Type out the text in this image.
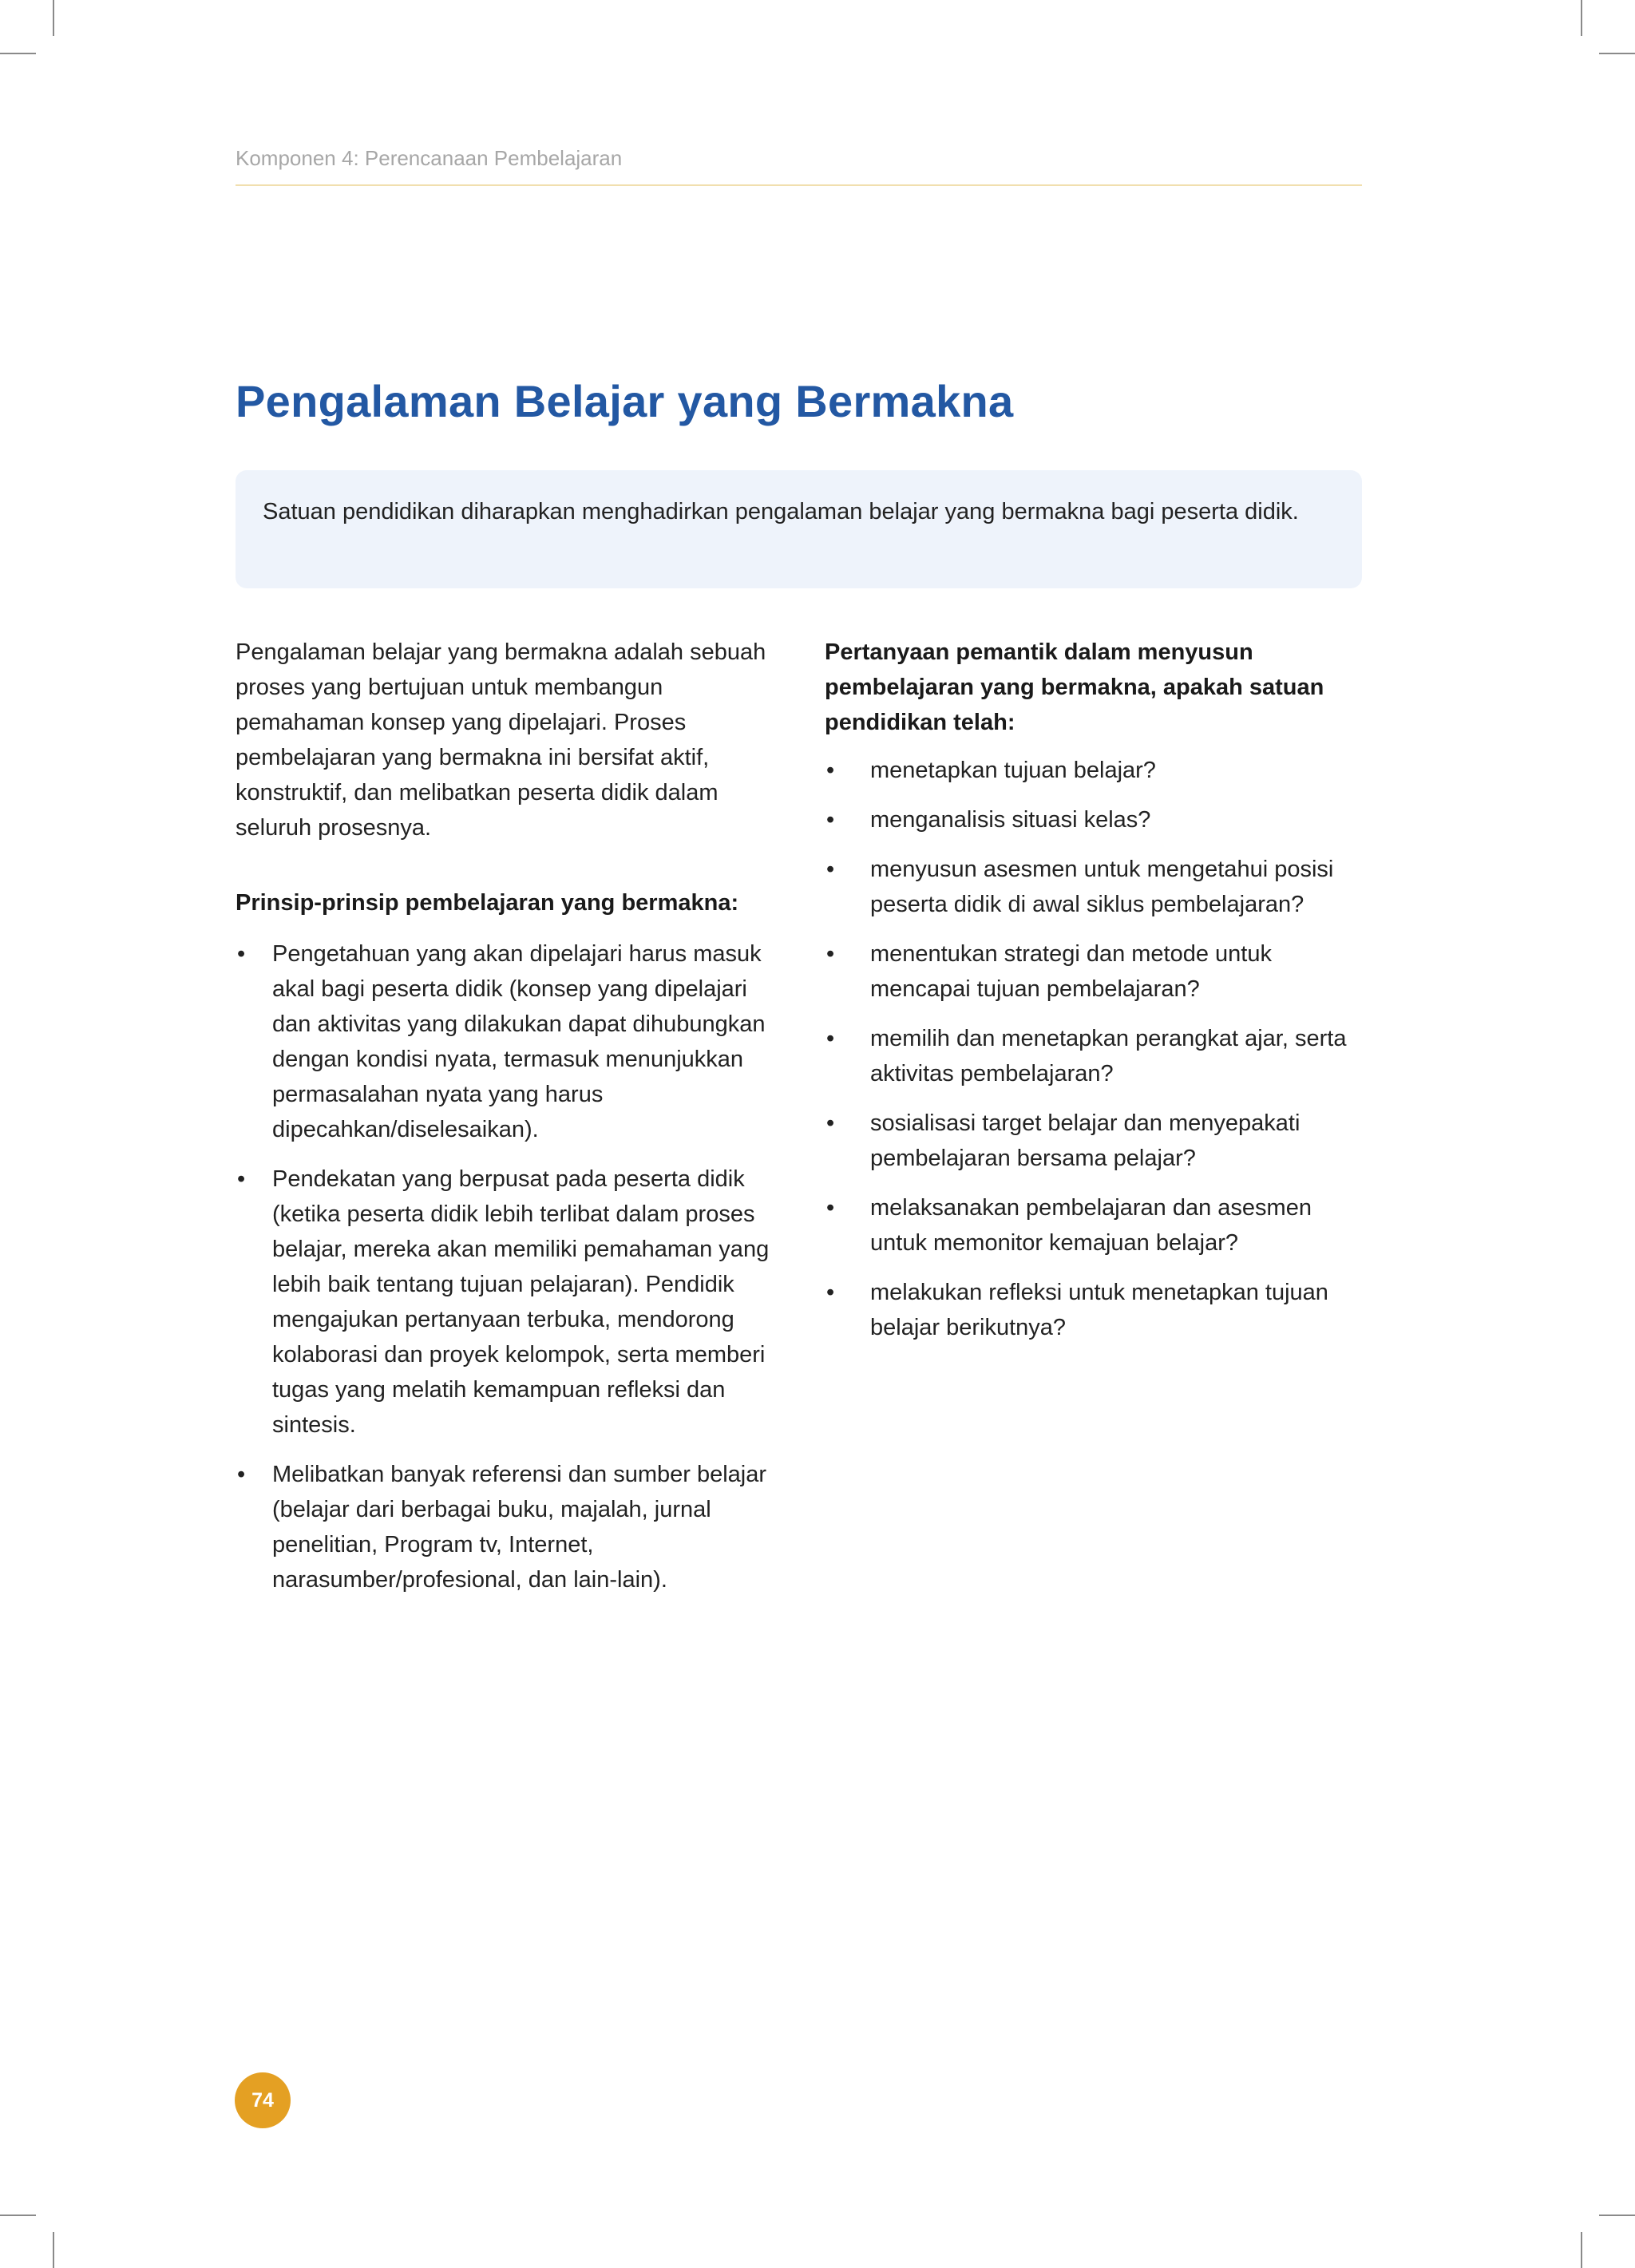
Komponen 4: Perencanaan Pembelajaran
Pengalaman Belajar yang Bermakna
Satuan pendidikan diharapkan menghadirkan pengalaman belajar yang bermakna bagi peserta didik.

Pengalaman belajar yang bermakna adalah sebuah proses yang bertujuan untuk membangun pemahaman konsep yang dipelajari. Proses pembelajaran yang bermakna ini bersifat aktif, konstruktif, dan melibatkan peserta didik dalam seluruh prosesnya.

Prinsip-prinsip pembelajaran yang bermakna:

• Pengetahuan yang akan dipelajari harus masuk akal bagi peserta didik (konsep yang dipelajari dan aktivitas yang dilakukan dapat dihubungkan dengan kondisi nyata, termasuk menunjukkan permasalahan nyata yang harus dipecahkan/diselesaikan).
• Pendekatan yang berpusat pada peserta didik (ketika peserta didik lebih terlibat dalam proses belajar, mereka akan memiliki pemahaman yang lebih baik tentang tujuan pelajaran). Pendidik mengajukan pertanyaan terbuka, mendorong kolaborasi dan proyek kelompok, serta memberi tugas yang melatih kemampuan refleksi dan sintesis.
• Melibatkan banyak referensi dan sumber belajar (belajar dari berbagai buku, majalah, jurnal penelitian, Program tv, Internet, narasumber/profesional, dan lain-lain).

Pertanyaan pemantik dalam menyusun pembelajaran yang bermakna, apakah satuan pendidikan telah:

• menetapkan tujuan belajar?
• menganalisis situasi kelas?
• menyusun asesmen untuk mengetahui posisi peserta didik di awal siklus pembelajaran?
• menentukan strategi dan metode untuk mencapai tujuan pembelajaran?
• memilih dan menetapkan perangkat ajar, serta aktivitas pembelajaran?
• sosialisasi target belajar dan menyepakati pembelajaran bersama pelajar?
• melaksanakan pembelajaran dan asesmen untuk memonitor kemajuan belajar?
• melakukan refleksi untuk menetapkan tujuan belajar berikutnya?
74
